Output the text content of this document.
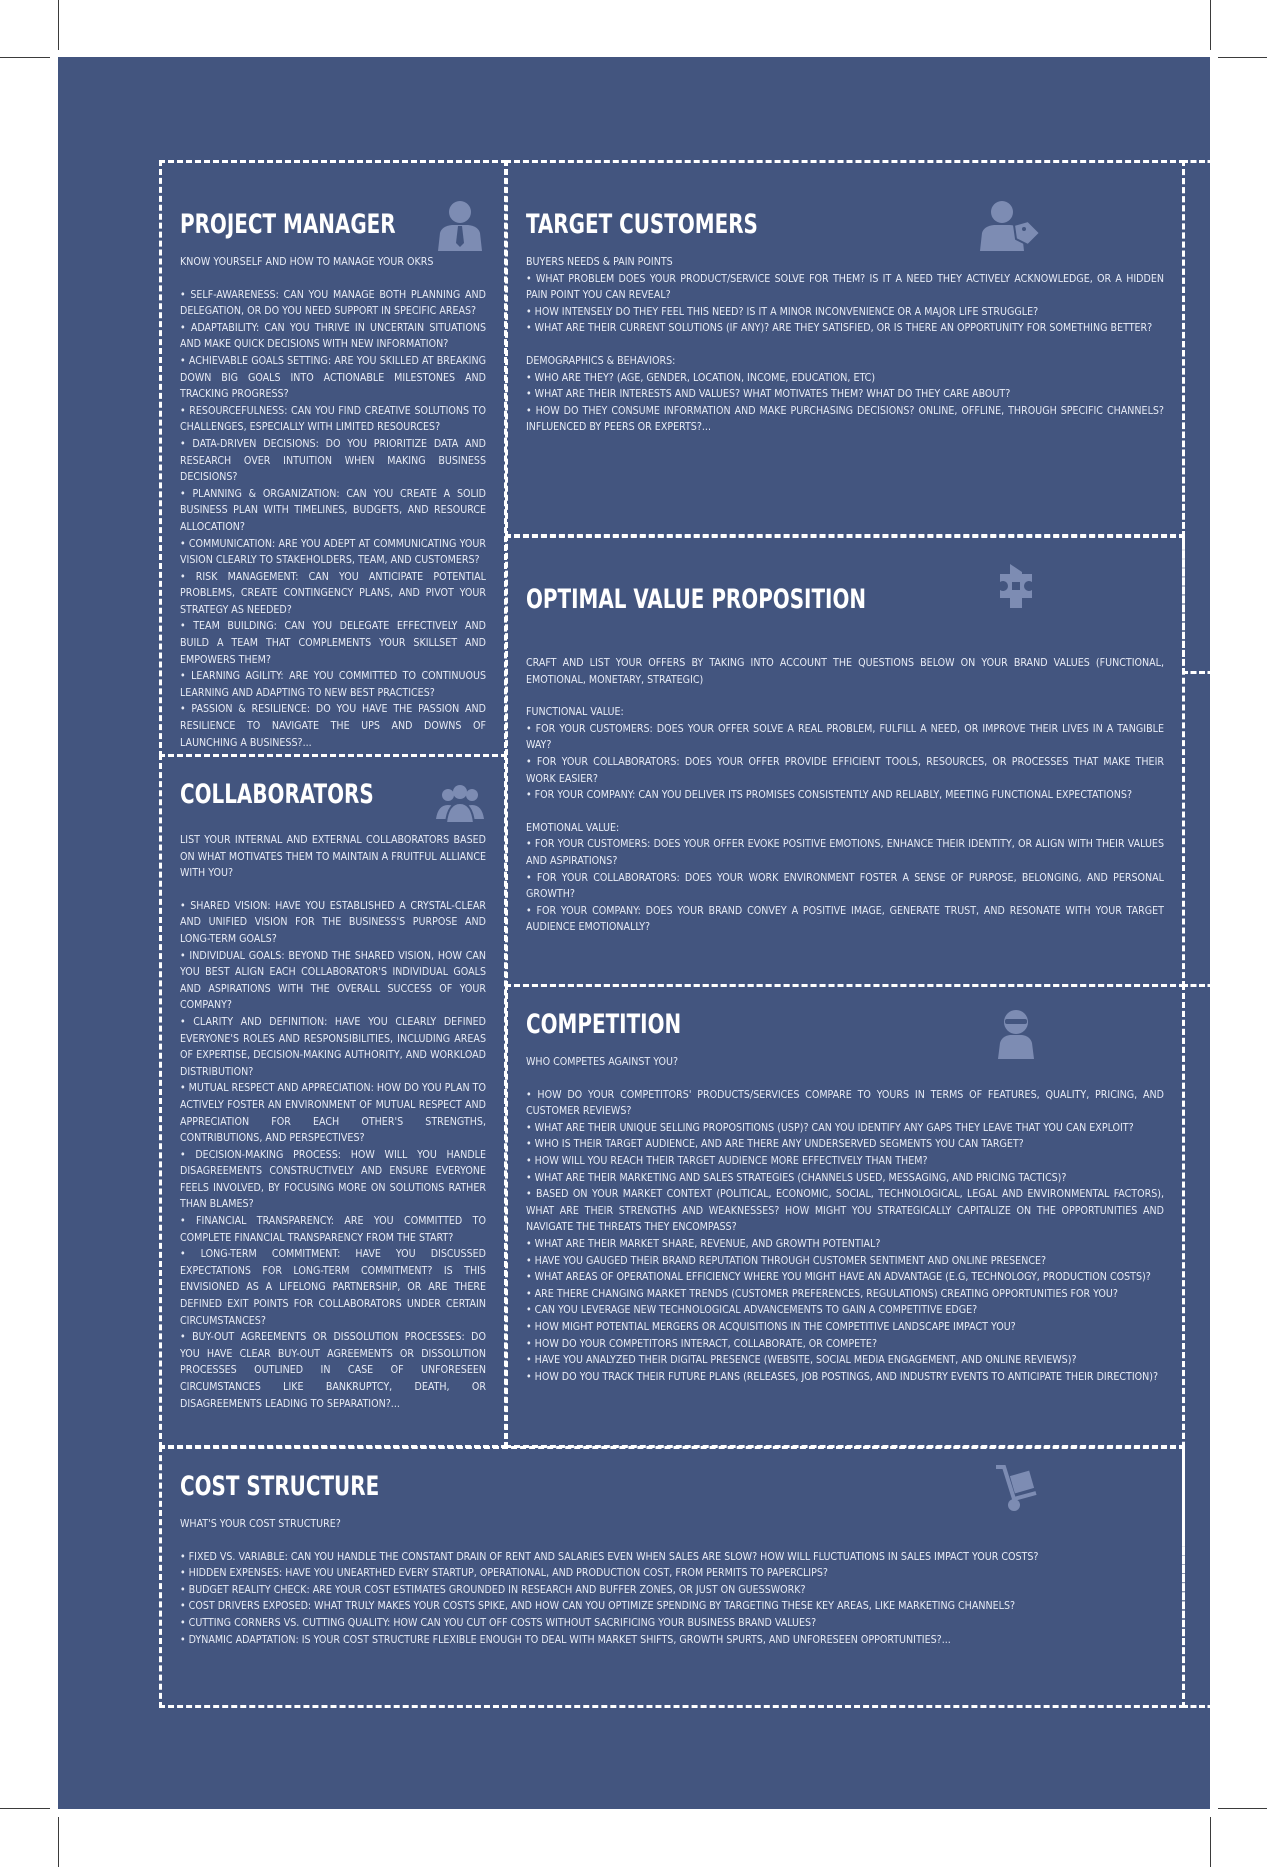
PROJECT MANAGER

KNOW YOURSELF AND HOW TO MANAGE YOUR OKRS

• SELF-AWARENESS: CAN YOU MANAGE BOTH PLANNING AND DELEGATION, OR DO YOU NEED SUPPORT IN SPECIFIC AREAS?

• ADAPTABILITY: CAN YOU THRIVE IN UNCERTAIN SITUATIONS AND MAKE QUICK DECISIONS WITH NEW INFORMATION?

• ACHIEVABLE GOALS SETTING: ARE YOU SKILLED AT BREAKING DOWN BIG GOALS INTO ACTIONABLE MILESTONES AND TRACKING PROGRESS?

• RESOURCEFULNESS: CAN YOU FIND CREATIVE SOLUTIONS TO CHALLENGES, ESPECIALLY WITH LIMITED RESOURCES?

• DATA-DRIVEN DECISIONS: DO YOU PRIORITIZE DATA AND RESEARCH OVER INTUITION WHEN MAKING BUSINESS DECISIONS?

• PLANNING & ORGANIZATION: CAN YOU CREATE A SOLID BUSINESS PLAN WITH TIMELINES, BUDGETS, AND RESOURCE ALLOCATION?

• COMMUNICATION: ARE YOU ADEPT AT COMMUNICATING YOUR VISION CLEARLY TO STAKEHOLDERS, TEAM, AND CUSTOMERS?

• RISK MANAGEMENT: CAN YOU ANTICIPATE POTENTIAL PROBLEMS, CREATE CONTINGENCY PLANS, AND PIVOT YOUR STRATEGY AS NEEDED?

• TEAM BUILDING: CAN YOU DELEGATE EFFECTIVELY AND BUILD A TEAM THAT COMPLEMENTS YOUR SKILLSET AND EMPOWERS THEM?

• LEARNING AGILITY: ARE YOU COMMITTED TO CONTINUOUS LEARNING AND ADAPTING TO NEW BEST PRACTICES?

• PASSION & RESILIENCE: DO YOU HAVE THE PASSION AND RESILIENCE TO NAVIGATE THE UPS AND DOWNS OF LAUNCHING A BUSINESS?...

TARGET CUSTOMERS

BUYERS NEEDS & PAIN POINTS

• WHAT PROBLEM DOES YOUR PRODUCT/SERVICE SOLVE FOR THEM? IS IT A NEED THEY ACTIVELY ACKNOWLEDGE, OR A HIDDEN PAIN POINT YOU CAN REVEAL?

• HOW INTENSELY DO THEY FEEL THIS NEED? IS IT A MINOR INCONVENIENCE OR A MAJOR LIFE STRUGGLE?

• WHAT ARE THEIR CURRENT SOLUTIONS (IF ANY)? ARE THEY SATISFIED, OR IS THERE AN OPPORTUNITY FOR SOMETHING BETTER?

DEMOGRAPHICS & BEHAVIORS:

• WHO ARE THEY? (AGE, GENDER, LOCATION, INCOME, EDUCATION, ETC)

• WHAT ARE THEIR INTERESTS AND VALUES? WHAT MOTIVATES THEM? WHAT DO THEY CARE ABOUT?

• HOW DO THEY CONSUME INFORMATION AND MAKE PURCHASING DECISIONS? ONLINE, OFFLINE, THROUGH SPECIFIC CHANNELS? INFLUENCED BY PEERS OR EXPERTS?...

OPTIMAL VALUE PROPOSITION

CRAFT AND LIST YOUR OFFERS BY TAKING INTO ACCOUNT THE QUESTIONS BELOW ON YOUR BRAND VALUES (FUNCTIONAL, EMOTIONAL, MONETARY, STRATEGIC)

FUNCTIONAL VALUE:

• FOR YOUR CUSTOMERS: DOES YOUR OFFER SOLVE A REAL PROBLEM, FULFILL A NEED, OR IMPROVE THEIR LIVES IN A TANGIBLE WAY?

• FOR YOUR COLLABORATORS: DOES YOUR OFFER PROVIDE EFFICIENT TOOLS, RESOURCES, OR PROCESSES THAT MAKE THEIR WORK EASIER?

• FOR YOUR COMPANY: CAN YOU DELIVER ITS PROMISES CONSISTENTLY AND RELIABLY, MEETING FUNCTIONAL EXPECTATIONS?

EMOTIONAL VALUE:

• FOR YOUR CUSTOMERS: DOES YOUR OFFER EVOKE POSITIVE EMOTIONS, ENHANCE THEIR IDENTITY, OR ALIGN WITH THEIR VALUES AND ASPIRATIONS?

• FOR YOUR COLLABORATORS: DOES YOUR WORK ENVIRONMENT FOSTER A SENSE OF PURPOSE, BELONGING, AND PERSONAL GROWTH?

• FOR YOUR COMPANY: DOES YOUR BRAND CONVEY A POSITIVE IMAGE, GENERATE TRUST, AND RESONATE WITH YOUR TARGET AUDIENCE EMOTIONALLY?

COLLABORATORS

LIST YOUR INTERNAL AND EXTERNAL COLLABORATORS BASED ON WHAT MOTIVATES THEM TO MAINTAIN A FRUITFUL ALLIANCE WITH YOU?

• SHARED VISION: HAVE YOU ESTABLISHED A CRYSTAL-CLEAR AND UNIFIED VISION FOR THE BUSINESS'S PURPOSE AND LONG-TERM GOALS?

• INDIVIDUAL GOALS: BEYOND THE SHARED VISION, HOW CAN YOU BEST ALIGN EACH COLLABORATOR'S INDIVIDUAL GOALS AND ASPIRATIONS WITH THE OVERALL SUCCESS OF YOUR COMPANY?

• CLARITY AND DEFINITION: HAVE YOU CLEARLY DEFINED EVERYONE'S ROLES AND RESPONSIBILITIES, INCLUDING AREAS OF EXPERTISE, DECISION-MAKING AUTHORITY, AND WORKLOAD DISTRIBUTION?

• MUTUAL RESPECT AND APPRECIATION: HOW DO YOU PLAN TO ACTIVELY FOSTER AN ENVIRONMENT OF MUTUAL RESPECT AND APPRECIATION FOR EACH OTHER'S STRENGTHS, CONTRIBUTIONS, AND PERSPECTIVES?

• DECISION-MAKING PROCESS: HOW WILL YOU HANDLE DISAGREEMENTS CONSTRUCTIVELY AND ENSURE EVERYONE FEELS INVOLVED, BY FOCUSING MORE ON SOLUTIONS RATHER THAN BLAMES?

• FINANCIAL TRANSPARENCY: ARE YOU COMMITTED TO COMPLETE FINANCIAL TRANSPARENCY FROM THE START?

• LONG-TERM COMMITMENT: HAVE YOU DISCUSSED EXPECTATIONS FOR LONG-TERM COMMITMENT? IS THIS ENVISIONED AS A LIFELONG PARTNERSHIP, OR ARE THERE DEFINED EXIT POINTS FOR COLLABORATORS UNDER CERTAIN CIRCUMSTANCES?

• BUY-OUT AGREEMENTS OR DISSOLUTION PROCESSES: DO YOU HAVE CLEAR BUY-OUT AGREEMENTS OR DISSOLUTION PROCESSES OUTLINED IN CASE OF UNFORESEEN CIRCUMSTANCES LIKE BANKRUPTCY, DEATH, OR DISAGREEMENTS LEADING TO SEPARATION?...

COMPETITION

WHO COMPETES AGAINST YOU?

• HOW DO YOUR COMPETITORS' PRODUCTS/SERVICES COMPARE TO YOURS IN TERMS OF FEATURES, QUALITY, PRICING, AND CUSTOMER REVIEWS?

• WHAT ARE THEIR UNIQUE SELLING PROPOSITIONS (USP)? CAN YOU IDENTIFY ANY GAPS THEY LEAVE THAT YOU CAN EXPLOIT?

• WHO IS THEIR TARGET AUDIENCE, AND ARE THERE ANY UNDERSERVED SEGMENTS YOU CAN TARGET?

• HOW WILL YOU REACH THEIR TARGET AUDIENCE MORE EFFECTIVELY THAN THEM?

• WHAT ARE THEIR MARKETING AND SALES STRATEGIES (CHANNELS USED, MESSAGING, AND PRICING TACTICS)?

• BASED ON YOUR MARKET CONTEXT (POLITICAL, ECONOMIC, SOCIAL, TECHNOLOGICAL, LEGAL AND ENVIRONMENTAL FACTORS), WHAT ARE THEIR STRENGTHS AND WEAKNESSES? HOW MIGHT YOU STRATEGICALLY CAPITALIZE ON THE OPPORTUNITIES AND NAVIGATE THE THREATS THEY ENCOMPASS?

• WHAT ARE THEIR MARKET SHARE, REVENUE, AND GROWTH POTENTIAL?

• HAVE YOU GAUGED THEIR BRAND REPUTATION THROUGH CUSTOMER SENTIMENT AND ONLINE PRESENCE?

• WHAT AREAS OF OPERATIONAL EFFICIENCY WHERE YOU MIGHT HAVE AN ADVANTAGE (E.G, TECHNOLOGY, PRODUCTION COSTS)?

• ARE THERE CHANGING MARKET TRENDS (CUSTOMER PREFERENCES, REGULATIONS) CREATING OPPORTUNITIES FOR YOU?

• CAN YOU LEVERAGE NEW TECHNOLOGICAL ADVANCEMENTS TO GAIN A COMPETITIVE EDGE?

• HOW MIGHT POTENTIAL MERGERS OR ACQUISITIONS IN THE COMPETITIVE LANDSCAPE IMPACT YOU?

• HOW DO YOUR COMPETITORS INTERACT, COLLABORATE, OR COMPETE?

• HAVE YOU ANALYZED THEIR DIGITAL PRESENCE (WEBSITE, SOCIAL MEDIA ENGAGEMENT, AND ONLINE REVIEWS)?

• HOW DO YOU TRACK THEIR FUTURE PLANS (RELEASES, JOB POSTINGS, AND INDUSTRY EVENTS TO ANTICIPATE THEIR DIRECTION)?

COST STRUCTURE

WHAT'S YOUR COST STRUCTURE?

• FIXED VS. VARIABLE: CAN YOU HANDLE THE CONSTANT DRAIN OF RENT AND SALARIES EVEN WHEN SALES ARE SLOW? HOW WILL FLUCTUATIONS IN SALES IMPACT YOUR COSTS?

• HIDDEN EXPENSES: HAVE YOU UNEARTHED EVERY STARTUP, OPERATIONAL, AND PRODUCTION COST, FROM PERMITS TO PAPERCLIPS?

• BUDGET REALITY CHECK: ARE YOUR COST ESTIMATES GROUNDED IN RESEARCH AND BUFFER ZONES, OR JUST ON GUESSWORK?

• COST DRIVERS EXPOSED: WHAT TRULY MAKES YOUR COSTS SPIKE, AND HOW CAN YOU OPTIMIZE SPENDING BY TARGETING THESE KEY AREAS, LIKE MARKETING CHANNELS?

• CUTTING CORNERS VS. CUTTING QUALITY: HOW CAN YOU CUT OFF COSTS WITHOUT SACRIFICING YOUR BUSINESS BRAND VALUES?

• DYNAMIC ADAPTATION: IS YOUR COST STRUCTURE FLEXIBLE ENOUGH TO DEAL WITH MARKET SHIFTS, GROWTH SPURTS, AND UNFORESEEN OPPORTUNITIES?...
